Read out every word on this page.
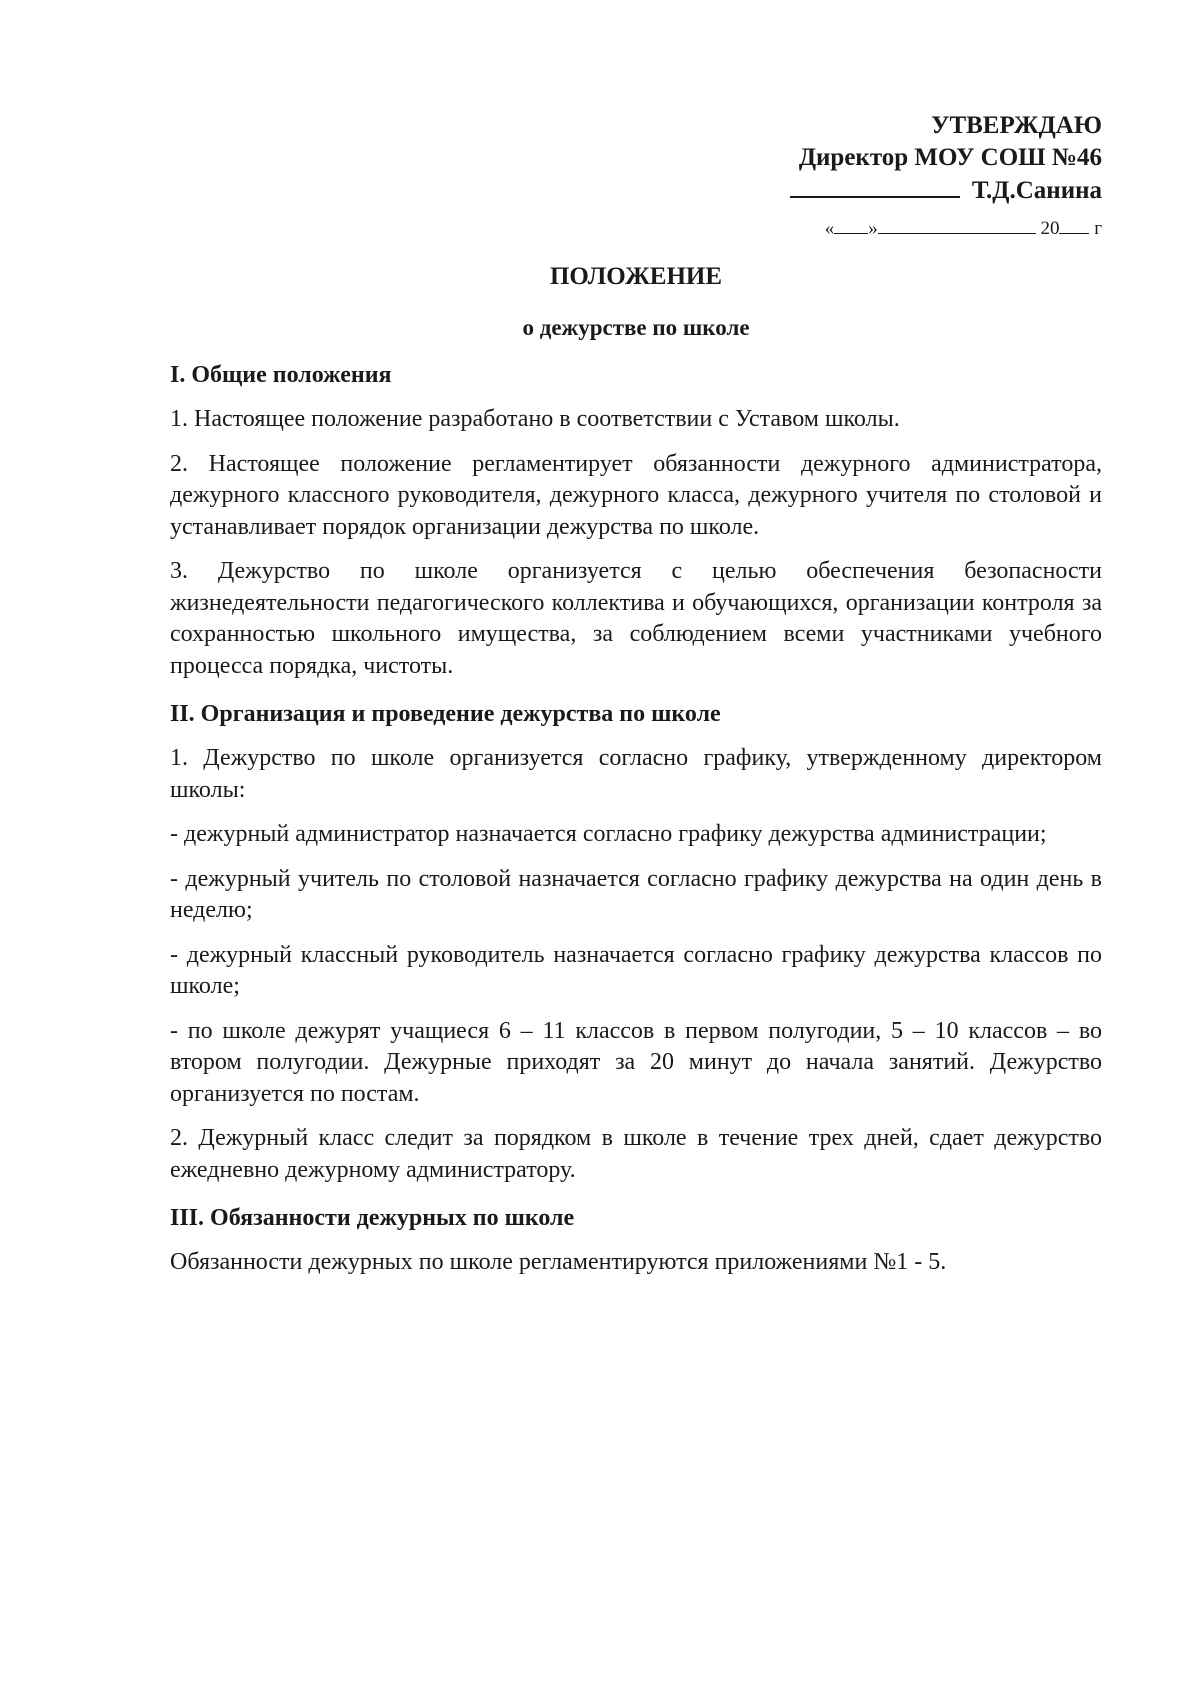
УТВЕРЖДАЮ
Директор МОУ СОШ №46
Т.Д.Санина
« »	20 г
ПОЛОЖЕНИЕ
о дежурстве по школе
I. Общие положения

1. Настоящее положение разработано в соответствии с Уставом школы.

2. Настоящее положение регламентирует обязанности дежурного администратора, дежурного классного руководителя, дежурного класса, дежурного учителя по столовой и устанавливает порядок организации дежурства по школе.

3. Дежурство по школе организуется с целью обеспечения безопасности жизнедеятельности педагогического коллектива и обучающихся, организации контроля за сохранностью школьного имущества, за соблюдением всеми участниками учебного процесса порядка, чистоты.

II. Организация и проведение дежурства по школе

1. Дежурство по школе организуется согласно графику, утвержденному директором школы:

- дежурный администратор назначается согласно графику дежурства администрации;

- дежурный учитель по столовой назначается согласно графику дежурства на один день в неделю;

- дежурный классный руководитель назначается согласно графику дежурства классов по школе;

- по школе дежурят учащиеся 6 – 11 классов в первом полугодии, 5 – 10 классов – во втором полугодии. Дежурные приходят за 20 минут до начала занятий. Дежурство организуется по постам.

2. Дежурный класс следит за порядком в школе в течение трех дней, сдает дежурство ежедневно дежурному администратору.

III. Обязанности дежурных по школе

Обязанности дежурных по школе регламентируются приложениями №1 - 5.
